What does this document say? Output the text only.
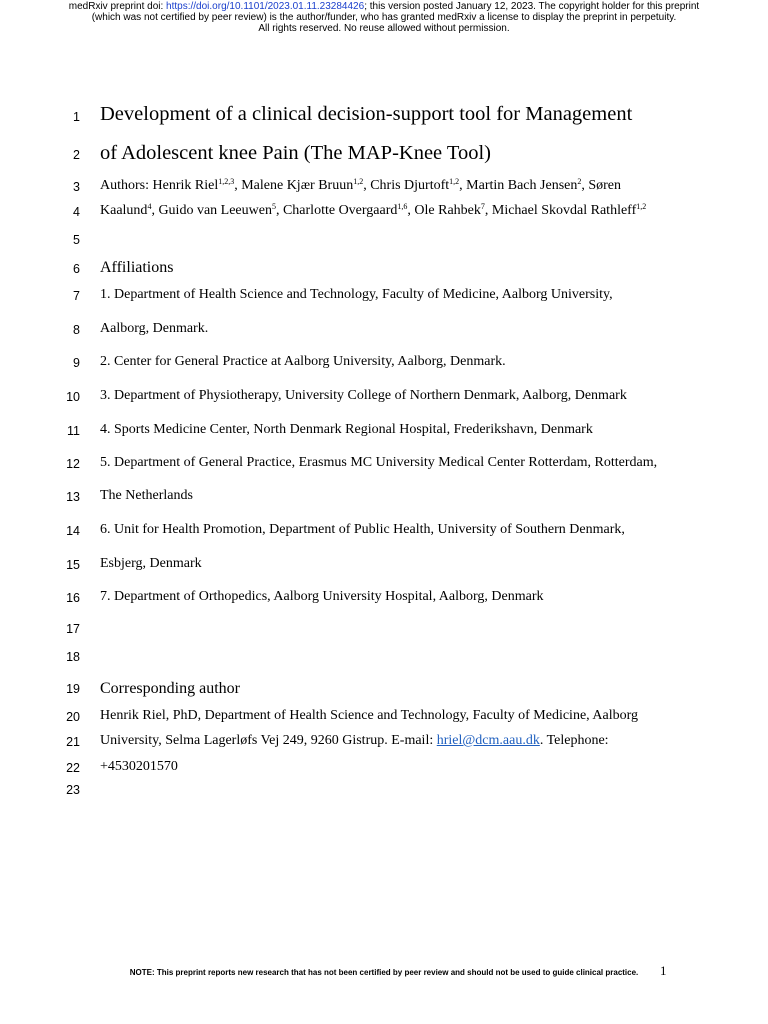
medRxiv preprint doi: https://doi.org/10.1101/2023.01.11.23284426; this version posted January 12, 2023. The copyright holder for this preprint
(which was not certified by peer review) is the author/funder, who has granted medRxiv a license to display the preprint in perpetuity.
All rights reserved. No reuse allowed without permission.
1
2
3
4
5
6
7
8
9
10
11
12
13
14
15
16
17
18
19
20
21
22
23
Development of a clinical decision-support tool for Management
of Adolescent knee Pain (The MAP-Knee Tool)
Authors: Henrik Riel$^{1,2,3}$, Malene Kjær Bruun$^{1,2}$, Chris Djurtoft$^{1,2}$, Martin Bach Jensen$^2$, Søren
Kaalund$^4$, Guido van Leeuwen$^5$, Charlotte Overgaard$^{1,6}$, Ole Rahbek$^7$, Michael Skovdal Rathleff$^{1,2}$
Affiliations
1. Department of Health Science and Technology, Faculty of Medicine, Aalborg University,
Aalborg, Denmark.
2. Center for General Practice at Aalborg University, Aalborg, Denmark.
3. Department of Physiotherapy, University College of Northern Denmark, Aalborg, Denmark
4. Sports Medicine Center, North Denmark Regional Hospital, Frederikshavn, Denmark
5. Department of General Practice, Erasmus MC University Medical Center Rotterdam, Rotterdam,
The Netherlands
6. Unit for Health Promotion, Department of Public Health, University of Southern Denmark,
Esbjerg, Denmark
7. Department of Orthopedics, Aalborg University Hospital, Aalborg, Denmark
Corresponding author
Henrik Riel, PhD, Department of Health Science and Technology, Faculty of Medicine, Aalborg
University, Selma Lagerløfs Vej 249, 9260 Gistrup. E-mail: hriel@dcm.aau.dk. Telephone:
+4530201570
NOTE: This preprint reports new research that has not been certified by peer review and should not be used to guide clinical practice.	1
